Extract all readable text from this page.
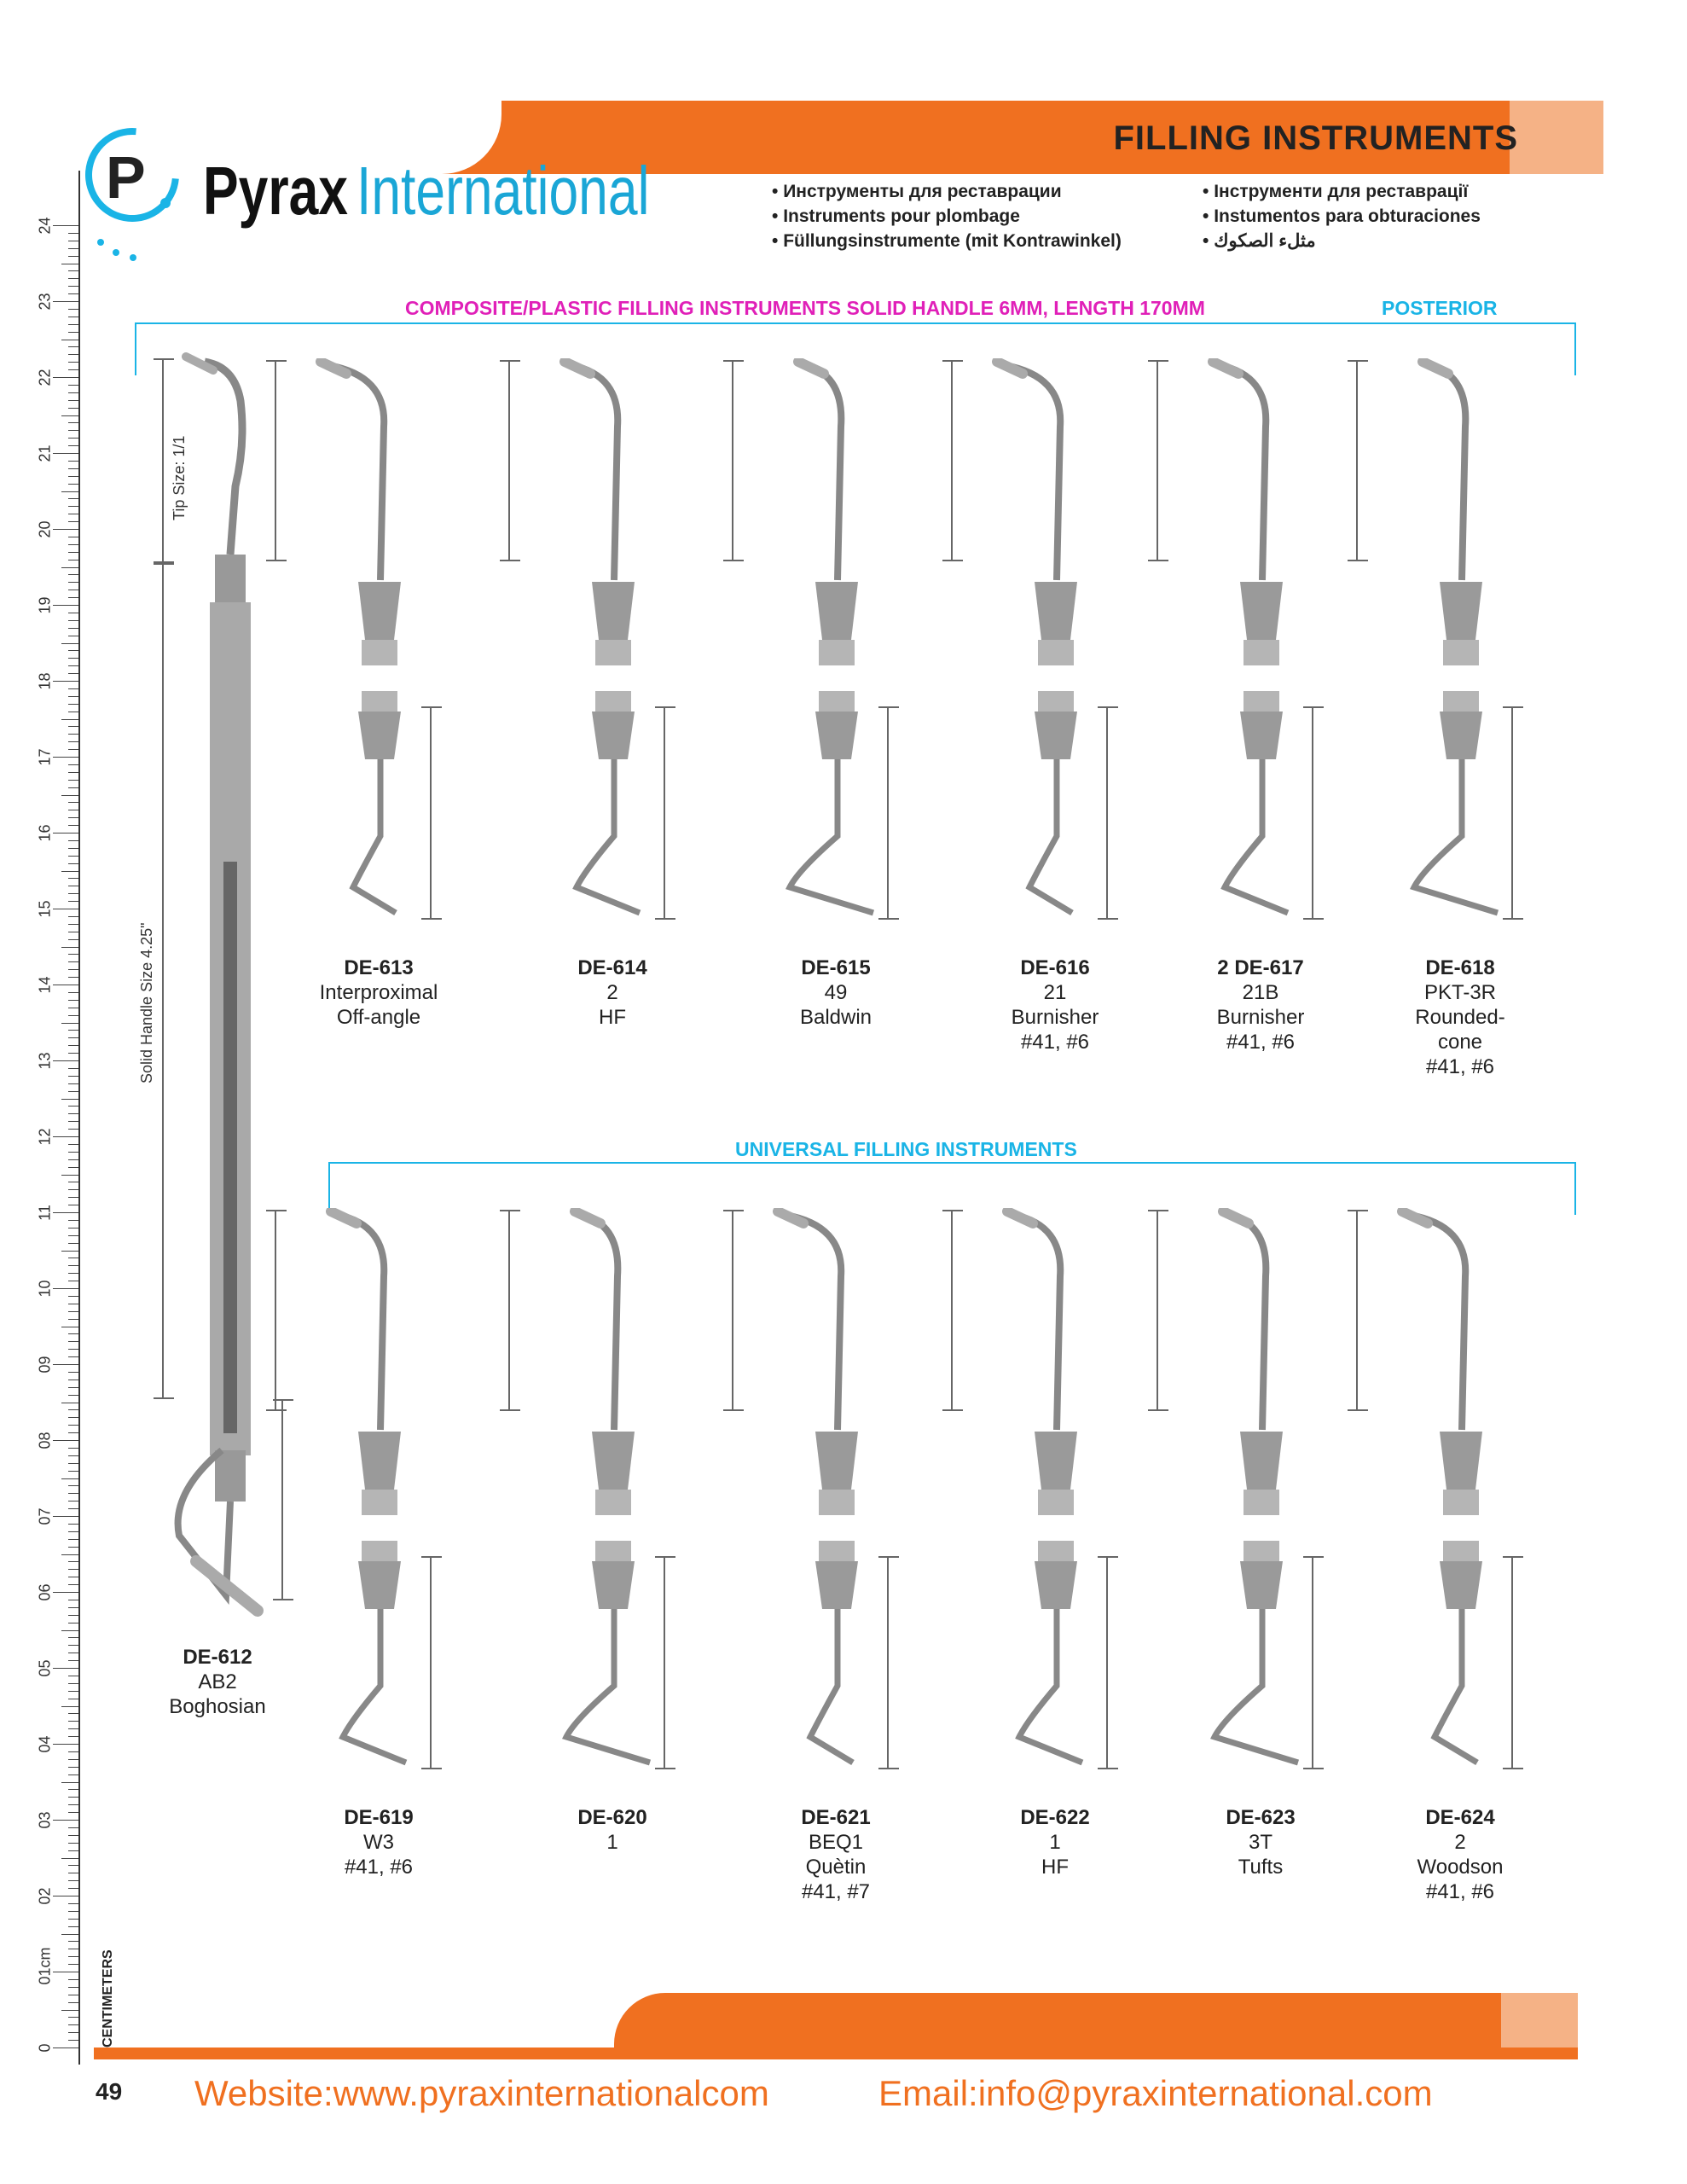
FILLING INSTRUMENTS
P Pyrax International	• Инструменты для реставрации
• Instruments pour plombage
• Füllungsinstrumente (mit Kontrawinkel)
• Інструменти для реставрації
• Instumentos para obturaciones
• مثلء الصكوك
COMPOSITE/PLASTIC FILLING INSTRUMENTS SOLID HANDLE 6MM, LENGTH 170MM	POSTERIOR
UNIVERSAL FILLING INSTRUMENTS
24
23
22
21
20
19
18
17
16
15
14
13
12
11
10
09
08
07
06
05
04
03
02
01cm
0
CENTIMETERS
Tip Size: 1/1
Solid Handle Size 4.25"
DE-612
AB2
Boghosian
DE-613
Interproximal
Off-angle
DE-614
2
HF
DE-615
49
Baldwin
DE-616
21
Burnisher
#41, #6
2 DE-617
21B
Burnisher
#41, #6
DE-618
PKT-3R
Rounded-
cone
#41, #6
DE-619
W3
#41, #6
DE-620
1
DE-621
BEQ1
Quètin
#41, #7
DE-622
1
HF
DE-623
3T
Tufts
DE-624
2
Woodson
#41, #6
49 Website:www.pyraxinternationalcom	Email:info@pyraxinternational.com
